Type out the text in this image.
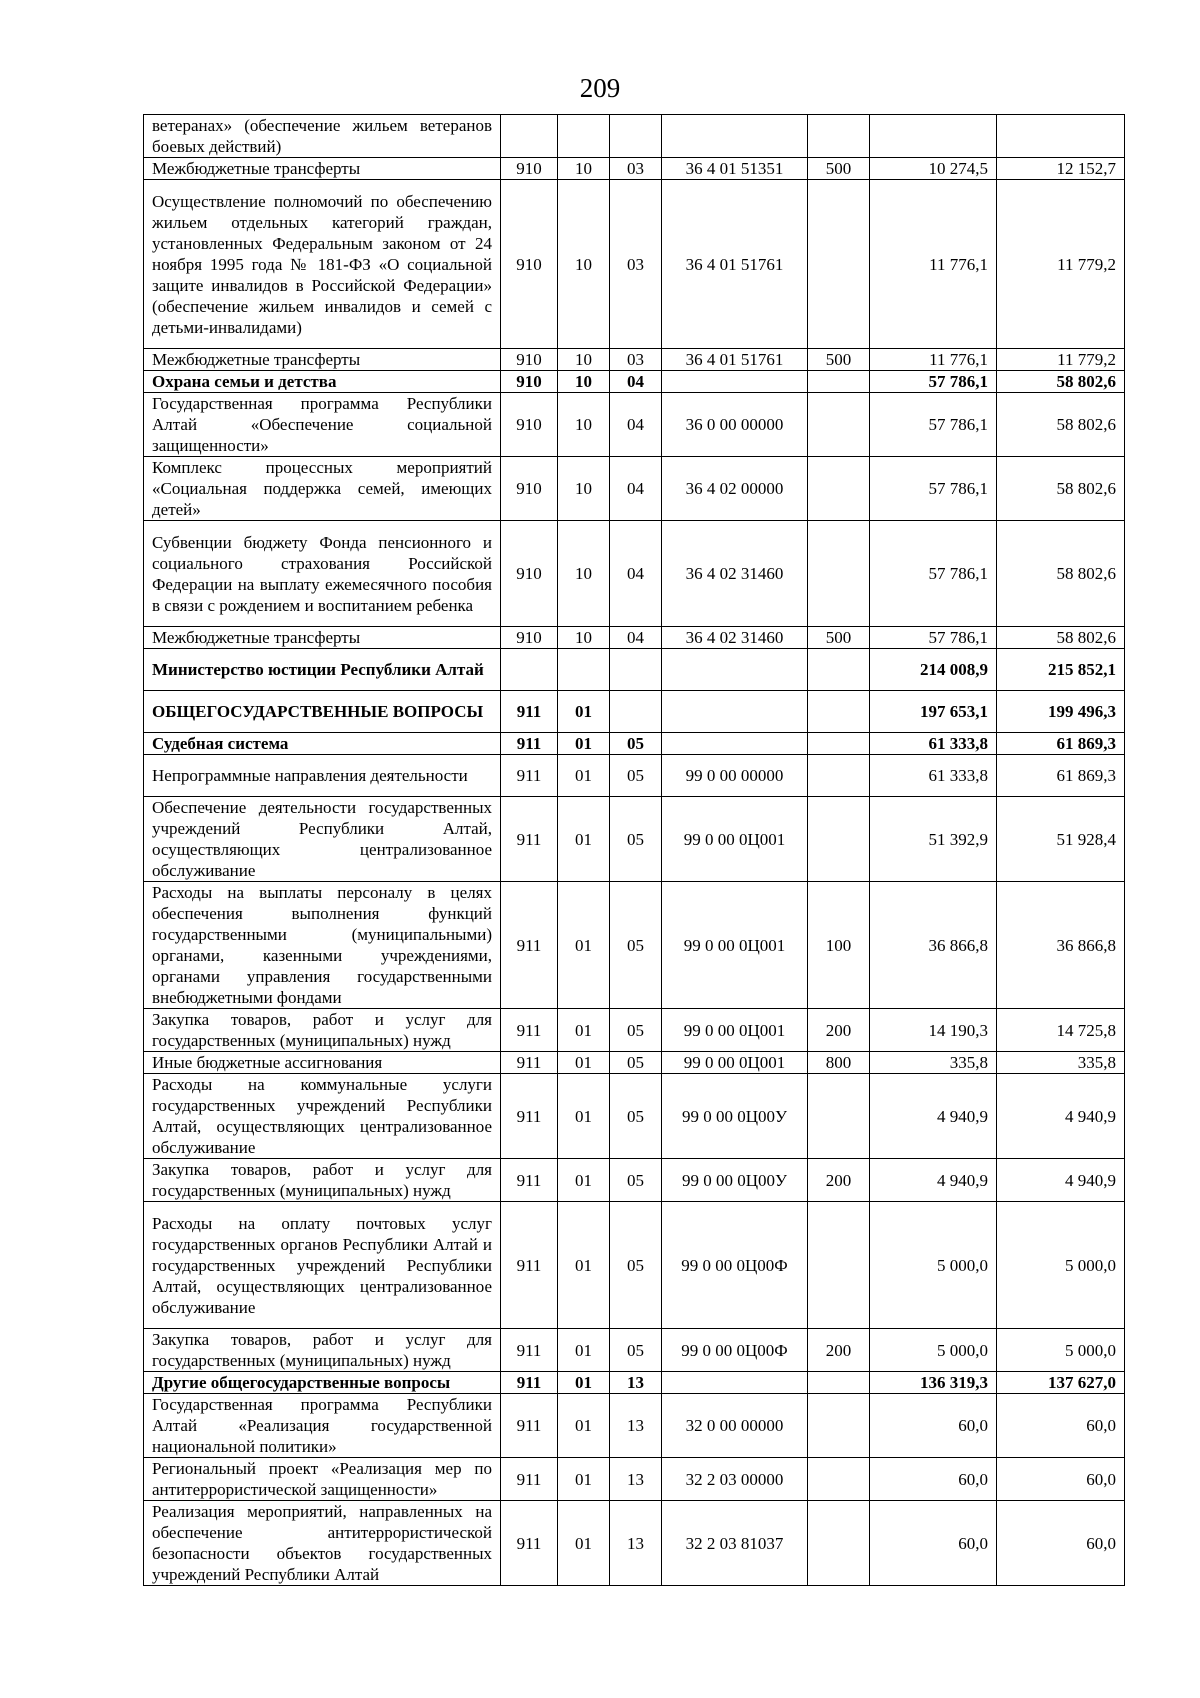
209
ветеранах» (обеспечение жильем ветеранов боевых действий)							
Межбюджетные трансферты	910	10	03	36 4 01 51351	500	10 274,5	12 152,7
Осуществление полномочий по обеспечению жильем отдельных категорий граждан, установленных Федеральным законом от 24 ноября 1995 года № 181-ФЗ «О социальной защите инвалидов в Российской Федерации» (обеспечение жильем инвалидов и семей с детьми-инвалидами)	910	10	03	36 4 01 51761		11 776,1	11 779,2
Межбюджетные трансферты	910	10	03	36 4 01 51761	500	11 776,1	11 779,2
Охрана семьи и детства	910	10	04			57 786,1	58 802,6
Государственная программа Республики Алтай «Обеспечение социальной защищенности»	910	10	04	36 0 00 00000		57 786,1	58 802,6
Комплекс процессных мероприятий «Социальная поддержка семей, имеющих детей»	910	10	04	36 4 02 00000		57 786,1	58 802,6
Субвенции бюджету Фонда пенсионного и социального страхования Российской Федерации на выплату ежемесячного пособия в связи с рождением и воспитанием ребенка	910	10	04	36 4 02 31460		57 786,1	58 802,6
Межбюджетные трансферты	910	10	04	36 4 02 31460	500	57 786,1	58 802,6
Министерство юстиции Республики Алтай						214 008,9	215 852,1
ОБЩЕГОСУДАРСТВЕННЫЕ ВОПРОСЫ	911	01				197 653,1	199 496,3
Судебная система	911	01	05			61 333,8	61 869,3
Непрограммные направления деятельности	911	01	05	99 0 00 00000		61 333,8	61 869,3
Обеспечение деятельности государственных учреждений Республики Алтай, осуществляющих централизованное обслуживание	911	01	05	99 0 00 0Ц001		51 392,9	51 928,4
Расходы на выплаты персоналу в целях обеспечения выполнения функций государственными (муниципальными) органами, казенными учреждениями, органами управления государственными внебюджетными фондами	911	01	05	99 0 00 0Ц001	100	36 866,8	36 866,8
Закупка товаров, работ и услуг для государственных (муниципальных) нужд	911	01	05	99 0 00 0Ц001	200	14 190,3	14 725,8
Иные бюджетные ассигнования	911	01	05	99 0 00 0Ц001	800	335,8	335,8
Расходы на коммунальные услуги государственных учреждений Республики Алтай, осуществляющих централизованное обслуживание	911	01	05	99 0 00 0Ц00У		4 940,9	4 940,9
Закупка товаров, работ и услуг для государственных (муниципальных) нужд	911	01	05	99 0 00 0Ц00У	200	4 940,9	4 940,9
Расходы на оплату почтовых услуг государственных органов Республики Алтай и государственных учреждений Республики Алтай, осуществляющих централизованное обслуживание	911	01	05	99 0 00 0Ц00Ф		5 000,0	5 000,0
Закупка товаров, работ и услуг для государственных (муниципальных) нужд	911	01	05	99 0 00 0Ц00Ф	200	5 000,0	5 000,0
Другие общегосударственные вопросы	911	01	13			136 319,3	137 627,0
Государственная программа Республики Алтай «Реализация государственной национальной политики»	911	01	13	32 0 00 00000		60,0	60,0
Региональный проект «Реализация мер по антитеррористической защищенности»	911	01	13	32 2 03 00000		60,0	60,0
Реализация мероприятий, направленных на обеспечение антитеррористической безопасности объектов государственных учреждений Республики Алтай	911	01	13	32 2 03 81037		60,0	60,0
